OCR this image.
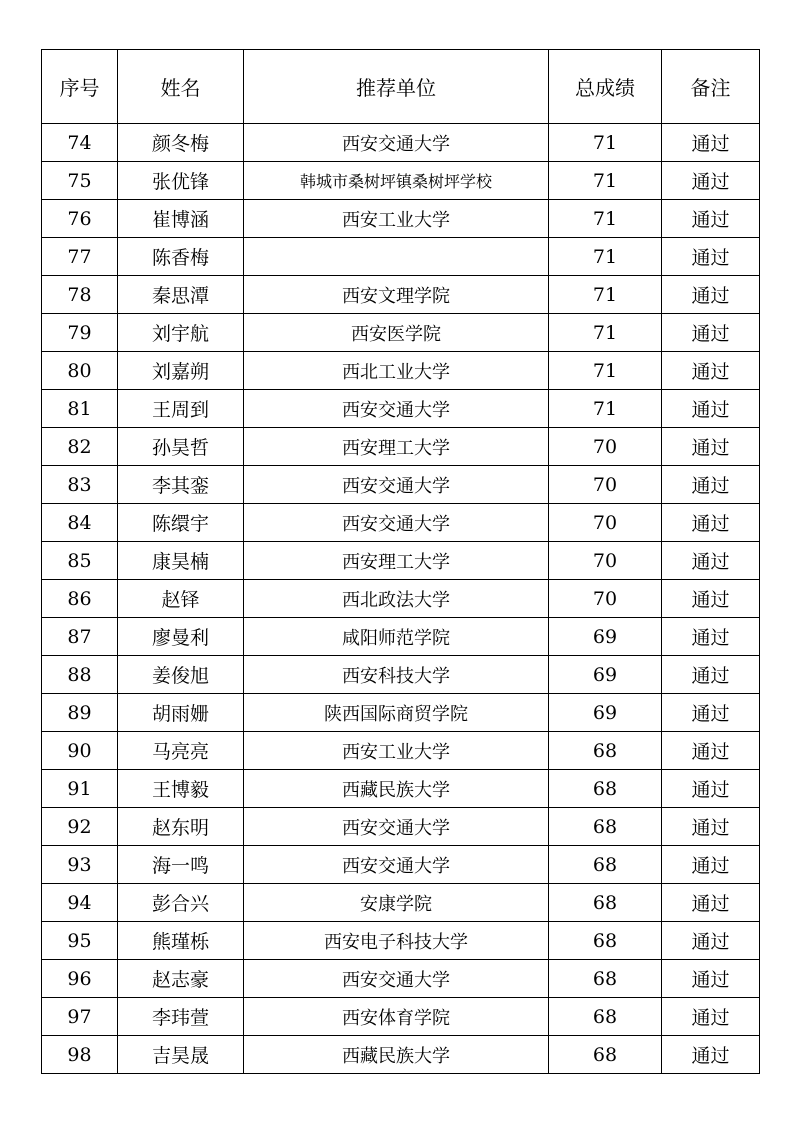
序号	姓名	推荐单位	总成绩	备注
74	颜冬梅	西安交通大学	71	通过
75	张优锋	韩城市桑树坪镇桑树坪学校	71	通过
76	崔博涵	西安工业大学	71	通过
77	陈香梅		71	通过
78	秦思潭	西安文理学院	71	通过
79	刘宇航	西安医学院	71	通过
80	刘嘉朔	西北工业大学	71	通过
81	王周到	西安交通大学	71	通过
82	孙昊哲	西安理工大学	70	通过
83	李其銮	西安交通大学	70	通过
84	陈缳宇	西安交通大学	70	通过
85	康昊楠	西安理工大学	70	通过
86	赵铎	西北政法大学	70	通过
87	廖曼利	咸阳师范学院	69	通过
88	姜俊旭	西安科技大学	69	通过
89	胡雨姗	陕西国际商贸学院	69	通过
90	马亮亮	西安工业大学	68	通过
91	王博毅	西藏民族大学	68	通过
92	赵东明	西安交通大学	68	通过
93	海一鸣	西安交通大学	68	通过
94	彭合兴	安康学院	68	通过
95	熊瑾栎	西安电子科技大学	68	通过
96	赵志豪	西安交通大学	68	通过
97	李玮萱	西安体育学院	68	通过
98	吉昊晟	西藏民族大学	68	通过
